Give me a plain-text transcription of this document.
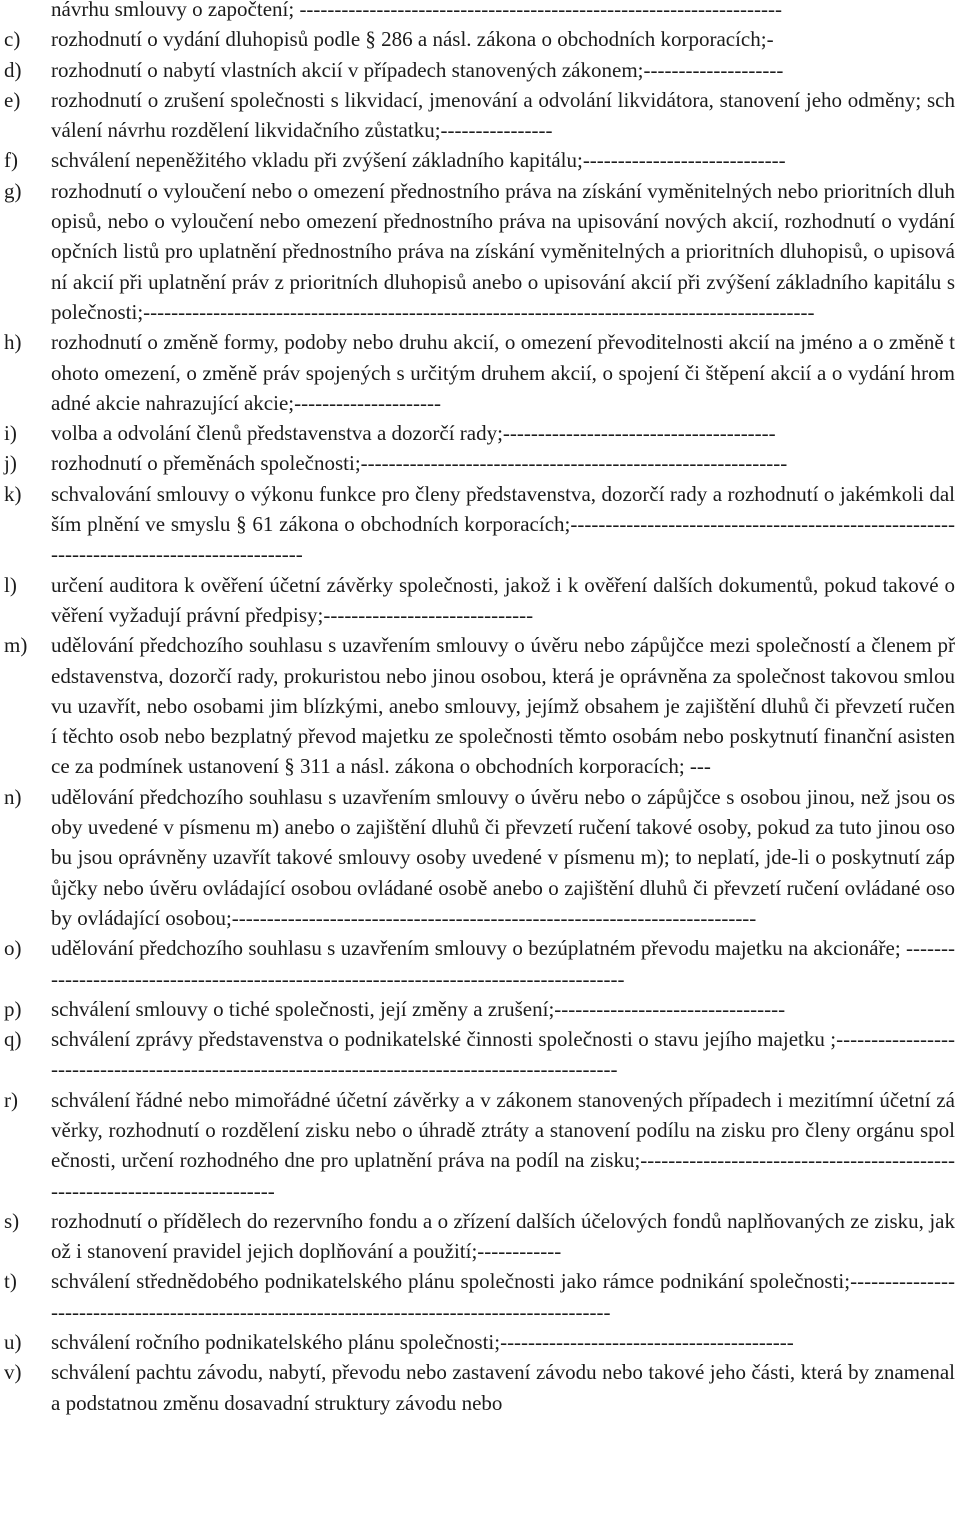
návrhu smlouvy o započtení; ---------------------------------------------------------------------
c) rozhodnutí o vydání dluhopisů podle § 286 a násl. zákona o obchodních korporacích;-
d) rozhodnutí o nabytí vlastních akcií v případech stanovených zákonem;--------------------
e) rozhodnutí o zrušení společnosti s likvidací, jmenování a odvolání likvidátora, stanovení jeho odměny; schválení návrhu rozdělení likvidačního zůstatku;----------------
f) schválení nepeněžitého vkladu při zvýšení základního kapitálu;-----------------------------
g) rozhodnutí o vyloučení nebo o omezení přednostního práva na získání vyměnitelných nebo prioritních dluhopisů, nebo o vyloučení nebo omezení přednostního práva na upisování nových akcií, rozhodnutí o vydání opčních listů pro uplatnění přednostního práva na získání vyměnitelných a prioritních dluhopisů, o upisování akcií při uplatnění práv z prioritních dluhopisů anebo o upisování akcií při zvýšení základního kapitálu společnosti;------------------------------------------------------------------------------------------------
h) rozhodnutí o změně formy, podoby nebo druhu akcií, o omezení převoditelnosti akcií na jméno a o změně tohoto omezení, o změně práv spojených s určitým druhem akcií, o spojení či štěpení akcií a o vydání hromadné akcie nahrazující akcie;---------------------
i) volba a odvolání členů představenstva a dozorčí rady;---------------------------------------
j) rozhodnutí o přeměnách společnosti;-------------------------------------------------------------
k) schvalování smlouvy o výkonu funkce pro členy představenstva, dozorčí rady a rozhodnutí o jakémkoli dalším plnění ve smyslu § 61 zákona o obchodních korporacích;-------------------------------------------------------------------------------------------
l) určení auditora k ověření účetní závěrky společnosti, jakož i k ověření dalších dokumentů, pokud takové ověření vyžadují právní předpisy;------------------------------
m) udělování předchozího souhlasu s uzavřením smlouvy o úvěru nebo zápůjčce mezi společností a členem představenstva, dozorčí rady, prokuristou nebo jinou osobou, která je oprávněna za společnost takovou smlouvu uzavřít, nebo osobami jim blízkými, anebo smlouvy, jejímž obsahem je zajištění dluhů či převzetí ručení těchto osob nebo bezplatný převod majetku ze společnosti těmto osobám nebo poskytnutí finanční asistence za podmínek ustanovení § 311 a násl. zákona o obchodních korporacích; ---
n) udělování předchozího souhlasu s uzavřením smlouvy o úvěru nebo o zápůjčce s osobou jinou, než jsou osoby uvedené v písmenu m) anebo o zajištění dluhů či převzetí ručení takové osoby, pokud za tuto jinou osobu jsou oprávněny uzavřít takové smlouvy osoby uvedené v písmenu m); to neplatí, jde-li o poskytnutí zápůjčky nebo úvěru ovládající osobou ovládané osobě anebo o zajištění dluhů či převzetí ručení ovládané osoby ovládající osobou;---------------------------------------------------------------------------
o) udělování předchozího souhlasu s uzavřením smlouvy o bezúplatném převodu majetku na akcionáře; -----------------------------------------------------------------------------------------
p) schválení smlouvy o tiché společnosti, její změny a zrušení;---------------------------------
q) schválení zprávy představenstva o podnikatelské činnosti společnosti o stavu jejího majetku ;--------------------------------------------------------------------------------------------------
r) schválení řádné nebo mimořádné účetní závěrky a v zákonem stanovených případech i mezitímní účetní závěrky, rozhodnutí o rozdělení zisku nebo o úhradě ztráty a stanovení podílu na zisku pro členy orgánu společnosti, určení rozhodného dne pro uplatnění práva na podíl na zisku;-----------------------------------------------------------------------------
s) rozhodnutí o přídělech do rezervního fondu a o zřízení dalších účelových fondů naplňovaných ze zisku, jakož i stanovení pravidel jejich doplňování a použití;------------
t) schválení střednědobého podnikatelského plánu společnosti jako rámce podnikání společnosti;-----------------------------------------------------------------------------------------------
u) schválení ročního podnikatelského plánu společnosti;------------------------------------------
v) schválení pachtu závodu, nabytí, převodu nebo zastavení závodu nebo takové jeho části, která by znamenala podstatnou změnu dosavadní struktury závodu nebo
